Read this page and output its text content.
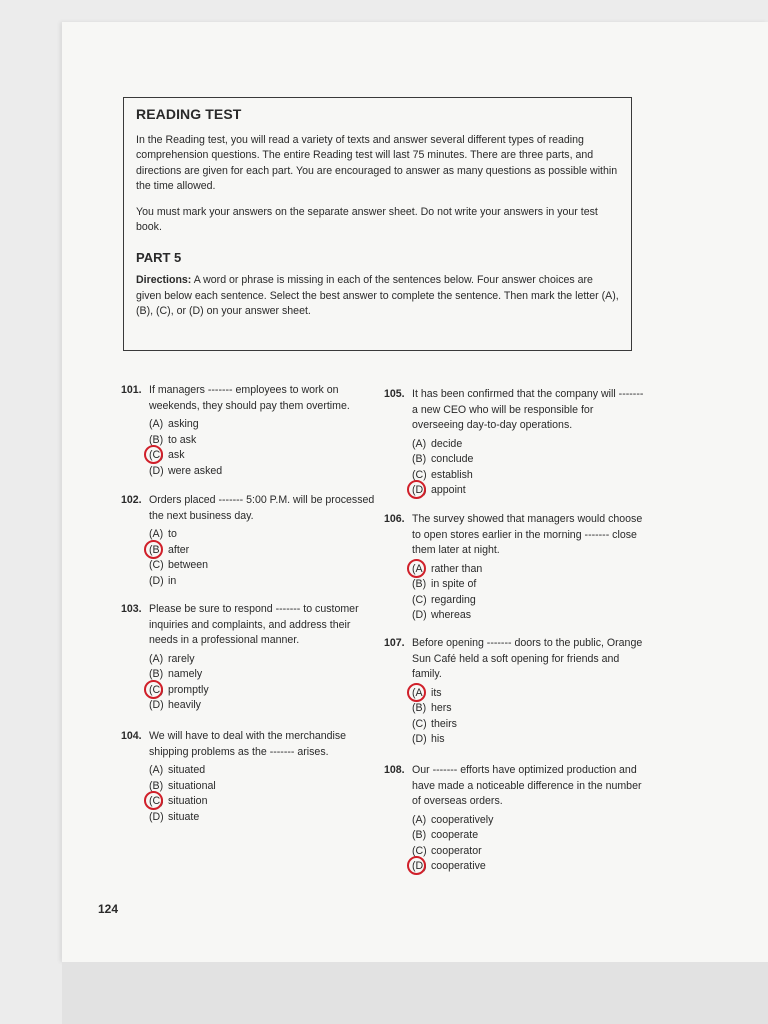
READING TEST

In the Reading test, you will read a variety of texts and answer several different types of reading comprehension questions. The entire Reading test will last 75 minutes. There are three parts, and directions are given for each part. You are encouraged to answer as many questions as possible within the time allowed.

You must mark your answers on the separate answer sheet. Do not write your answers in your test book.

PART 5

Directions: A word or phrase is missing in each of the sentences below. Four answer choices are given below each sentence. Select the best answer to complete the sentence. Then mark the letter (A), (B), (C), or (D) on your answer sheet.

101. If managers ------- employees to work on weekends, they should pay them overtime.
(A) asking
(B) to ask
(C) ask
(D) were asked
102. Orders placed ------- 5:00 P.M. will be processed the next business day.
(A) to
(B) after
(C) between
(D) in
103. Please be sure to respond ------- to customer inquiries and complaints, and address their needs in a professional manner.
(A) rarely
(B) namely
(C) promptly
(D) heavily
104. We will have to deal with the merchandise shipping problems as the ------- arises.
(A) situated
(B) situational
(C) situation
(D) situate
105. It has been confirmed that the company will ------- a new CEO who will be responsible for overseeing day-to-day operations.
(A) decide
(B) conclude
(C) establish
(D) appoint
106. The survey showed that managers would choose to open stores earlier in the morning ------- close them later at night.
(A) rather than
(B) in spite of
(C) regarding
(D) whereas
107. Before opening ------- doors to the public, Orange Sun Café held a soft opening for friends and family.
(A) its
(B) hers
(C) theirs
(D) his
108. Our ------- efforts have optimized production and have made a noticeable difference in the number of overseas orders.
(A) cooperatively
(B) cooperate
(C) cooperator
(D) cooperative
124
